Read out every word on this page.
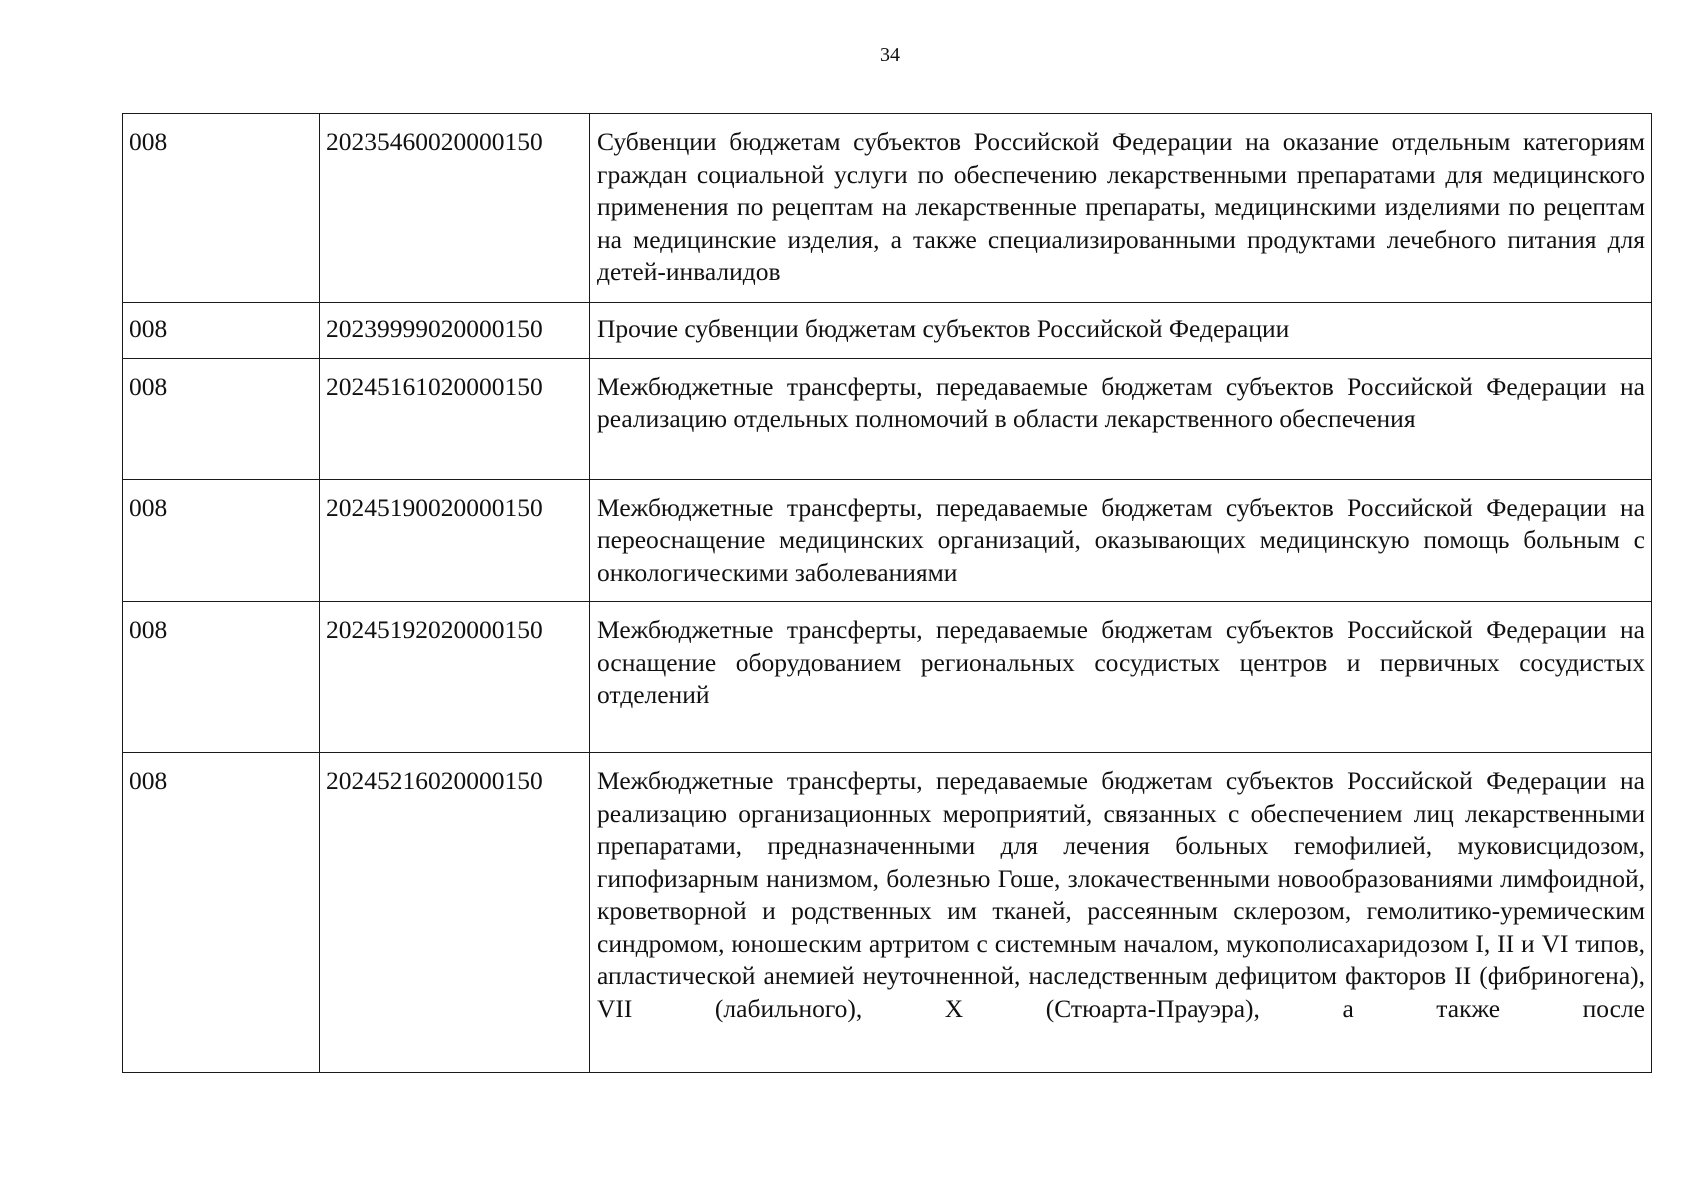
34
008	20235460020000150	Субвенции бюджетам субъектов Российской Федерации на оказание отдельным категориям граждан социальной услуги по обеспечению лекарственными препаратами для медицинского применения по рецептам на лекарственные препараты, медицинскими изделиями по рецептам на медицинские изделия, а также специализированными продуктами лечебного питания для детей-инвалидов
008	20239999020000150	Прочие субвенции бюджетам субъектов Российской Федерации
008	20245161020000150	Межбюджетные трансферты, передаваемые бюджетам субъектов Российской Федерации на реализацию отдельных полномочий в области лекарственного обеспечения
008	20245190020000150	Межбюджетные трансферты, передаваемые бюджетам субъектов Российской Федерации на переоснащение медицинских организаций, оказывающих медицинскую помощь больным с онкологическими заболеваниями
008	20245192020000150	Межбюджетные трансферты, передаваемые бюджетам субъектов Российской Федерации на оснащение оборудованием региональных сосудистых центров и первичных сосудистых отделений
008	20245216020000150	Межбюджетные трансферты, передаваемые бюджетам субъектов Российской Федерации на реализацию организационных мероприятий, связанных с обеспечением лиц лекарственными препаратами, предназначенными для лечения больных гемофилией, муковисцидозом, гипофизарным нанизмом, болезнью Гоше, злокачественными новообразованиями лимфоидной, кроветворной и родственных им тканей, рассеянным склерозом, гемолитико-уремическим синдромом, юношеским артритом с системным началом, мукополисахаридозом I, II и VI типов, апластической анемией неуточненной, наследственным дефицитом факторов II (фибриногена), VII (лабильного), X (Стюарта-Прауэра), а также после
